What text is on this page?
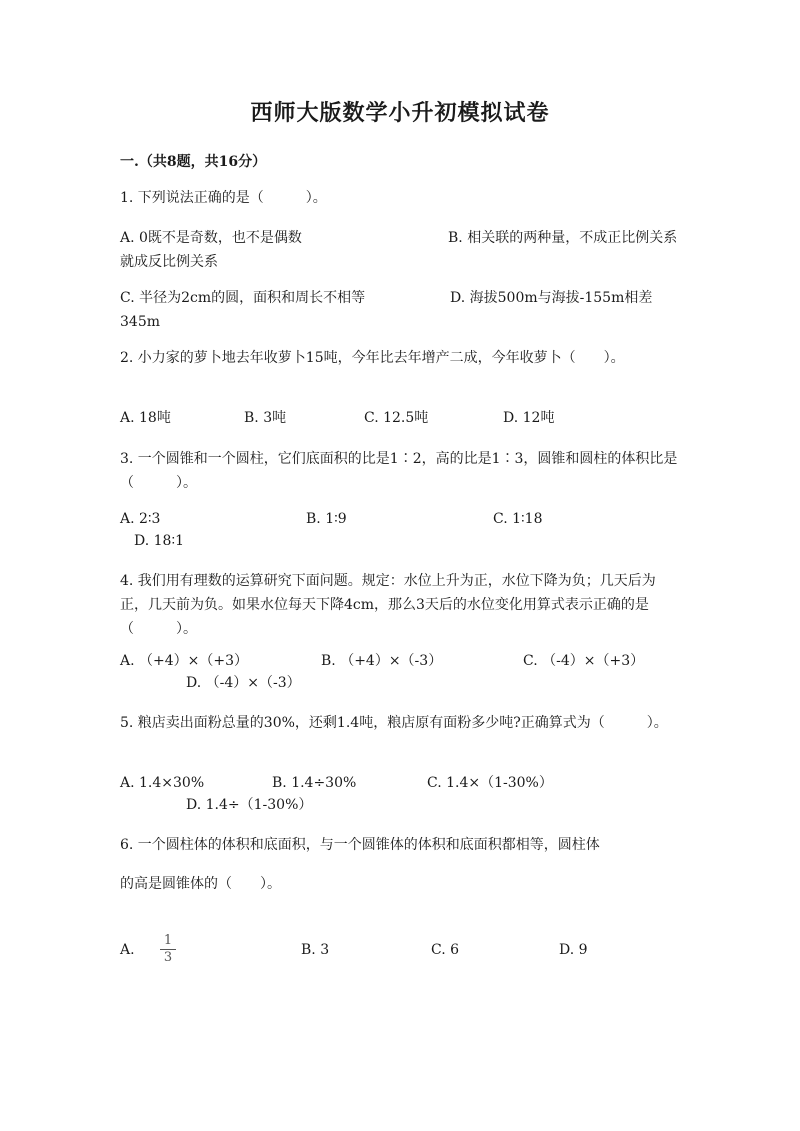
西师大版数学小升初模拟试卷
一.（共8题，共16分）
1. 下列说法正确的是（　　　）。
A. 0既不是奇数，也不是偶数	B. 相关联的两种量，不成正比例关系就成反比例关系
C. 半径为2cm的圆，面积和周长不相等	D. 海拔500m与海拔-155m相差345m
2. 小力家的萝卜地去年收萝卜15吨，今年比去年增产二成，今年收萝卜（　　）。
A. 18吨	B. 3吨	C. 12.5吨	D. 12吨
3. 一个圆锥和一个圆柱，它们底面积的比是1∶2，高的比是1∶3，圆锥和圆柱的体积比是（　　　）。
A. 2∶3	B. 1∶9	C. 1∶18
D. 18∶1
4. 我们用有理数的运算研究下面问题。规定：水位上升为正，水位下降为负；几天后为正，几天前为负。如果水位每天下降4cm，那么3天后的水位变化用算式表示正确的是（　　　）。
A. （+4）×（+3）	B. （+4）×（-3）	C. （-4）×（+3）
D. （-4）×（-3）
5. 粮店卖出面粉总量的30%，还剩1.4吨，粮店原有面粉多少吨?正确算式为（　　　）。
A. 1.4×30%	B. 1.4÷30%	C. 1.4×（1-30%）
D. 1.4÷（1-30%）
6. 一个圆柱体的体积和底面积，与一个圆锥体的体积和底面积都相等，圆柱体
的高是圆锥体的（　　）。
A.
1
3	B. 3	C. 6	D. 9
